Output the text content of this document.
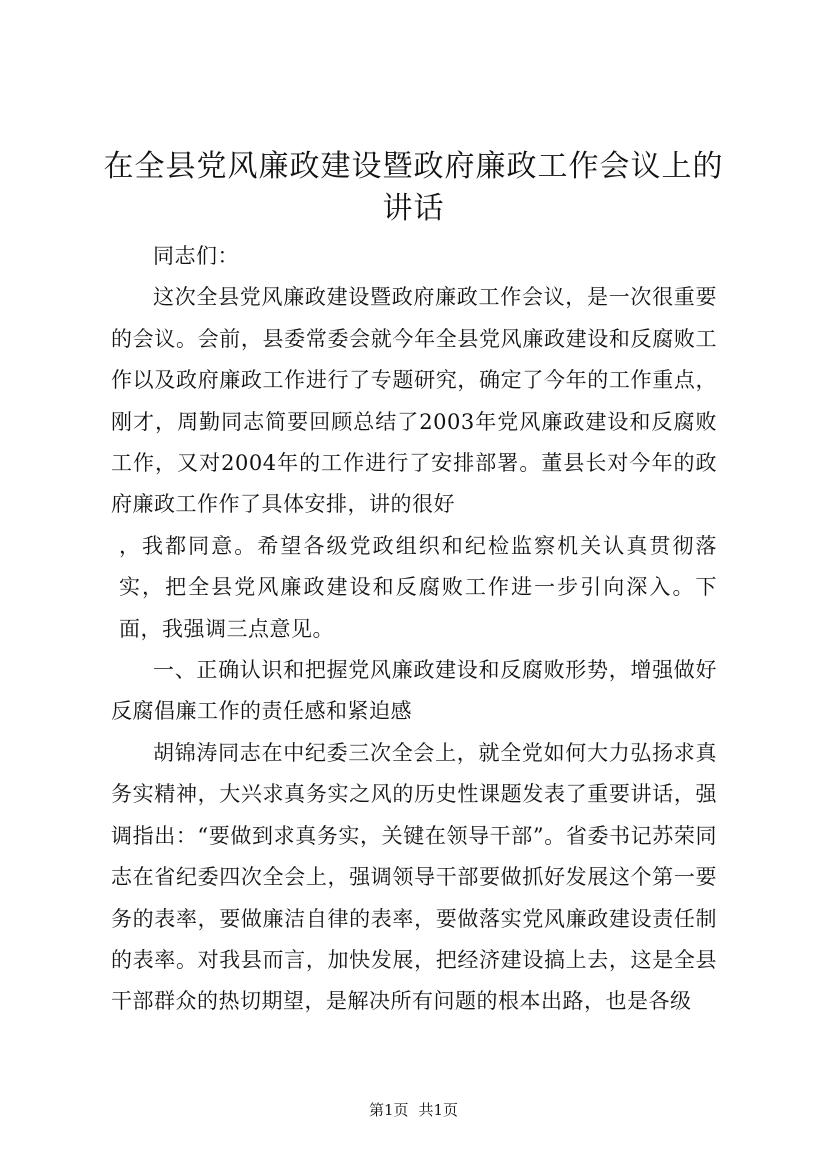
在全县党风廉政建设暨政府廉政工作会议上的讲话

同志们：

这次全县党风廉政建设暨政府廉政工作会议，是一次很重要的会议。会前，县委常委会就今年全县党风廉政建设和反腐败工作以及政府廉政工作进行了专题研究，确定了今年的工作重点，刚才，周勤同志简要回顾总结了2003年党风廉政建设和反腐败工作，又对2004年的工作进行了安排部署。董县长对今年的政府廉政工作作了具体安排，讲的很好

，我都同意。希望各级党政组织和纪检监察机关认真贯彻落实，把全县党风廉政建设和反腐败工作进一步引向深入。下面，我强调三点意见。

一、正确认识和把握党风廉政建设和反腐败形势，增强做好反腐倡廉工作的责任感和紧迫感

胡锦涛同志在中纪委三次全会上，就全党如何大力弘扬求真务实精神，大兴求真务实之风的历史性课题发表了重要讲话，强调指出：“要做到求真务实，关键在领导干部”。省委书记苏荣同志在省纪委四次全会上，强调领导干部要做抓好发展这个第一要务的表率，要做廉洁自律的表率，要做落实党风廉政建设责任制的表率。对我县而言，加快发展，把经济建设搞上去，这是全县干部群众的热切期望，是解决所有问题的根本出路，也是各级

第1页 共1页
